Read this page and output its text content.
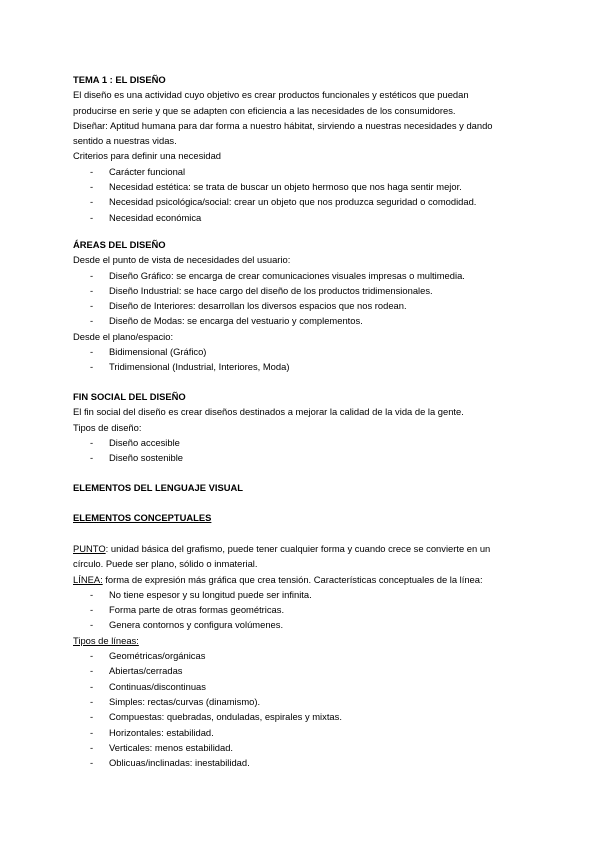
TEMA 1 : EL DISEÑO
El diseño es una actividad cuyo objetivo es crear productos funcionales y estéticos que puedan
producirse en serie y que se adapten con eficiencia a las necesidades de los consumidores.
Diseñar: Aptitud humana para dar forma a nuestro hábitat, sirviendo a nuestras necesidades y dando
sentido a nuestras vidas.
Criterios para definir una necesidad
- Carácter funcional
- Necesidad estética: se trata de buscar un objeto hermoso que nos haga sentir mejor.
- Necesidad psicológica/social: crear un objeto que nos produzca seguridad o comodidad.
- Necesidad económica
ÁREAS DEL DISEÑO
Desde el punto de vista de necesidades del usuario:
- Diseño Gráfico: se encarga de crear comunicaciones visuales impresas o multimedia.
- Diseño Industrial: se hace cargo del diseño de los productos tridimensionales.
- Diseño de Interiores: desarrollan los diversos espacios que nos rodean.
- Diseño de Modas: se encarga del vestuario y complementos.
Desde el plano/espacio:
- Bidimensional (Gráfico)
- Tridimensional (Industrial, Interiores, Moda)
FIN SOCIAL DEL DISEÑO
El fin social del diseño es crear diseños destinados a mejorar la calidad de la vida de la gente.
Tipos de diseño:
- Diseño accesible
- Diseño sostenible
ELEMENTOS DEL LENGUAJE VISUAL
ELEMENTOS CONCEPTUALES
PUNTO: unidad básica del grafismo, puede tener cualquier forma y cuando crece se convierte en un
círculo. Puede ser plano, sólido o inmaterial.
LÍNEA: forma de expresión más gráfica que crea tensión. Características conceptuales de la línea:
- No tiene espesor y su longitud puede ser infinita.
- Forma parte de otras formas geométricas.
- Genera contornos y configura volúmenes.
Tipos de líneas:
- Geométricas/orgánicas
- Abiertas/cerradas
- Continuas/discontinuas
- Simples: rectas/curvas (dinamismo).
- Compuestas: quebradas, onduladas, espirales y mixtas.
- Horizontales: estabilidad.
- Verticales: menos estabilidad.
- Oblicuas/inclinadas: inestabilidad.
